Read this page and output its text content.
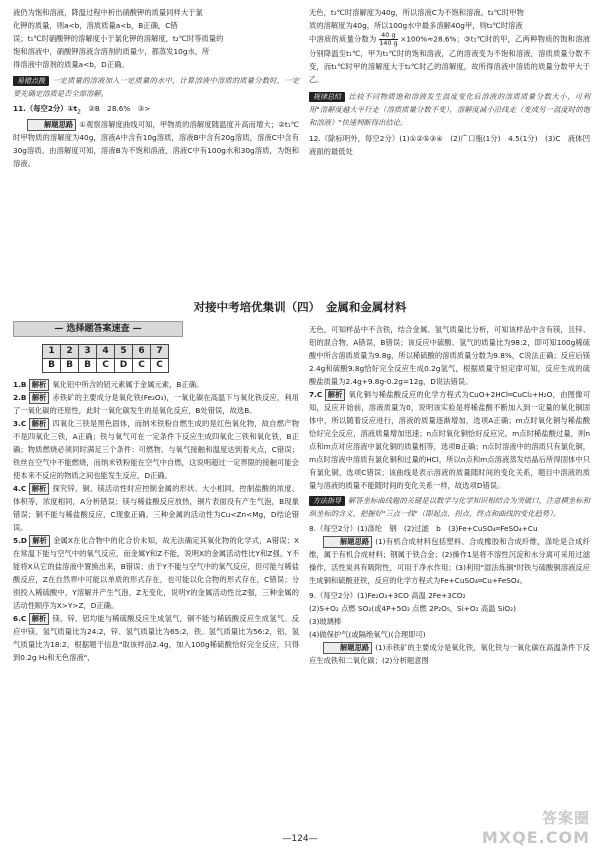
液仍为饱和溶液，降温过程中析出硝酸钾的质量同样大于氯

化钾的质量，则a<b，溶质质量a<b，B正确，C错

误；t₁℃时硝酸钾的溶解度小于氯化钾的溶解度，t₂℃时等质量的

饱和溶液中，硝酸钾溶液含溶剂的质量少，都蒸发10g水，所

得溶液中溶剂的质量a<b，D正确。

易错点拨 一定质量的溶液加入一定质量的水中，计算溶液中溶质的质量分数时，一定要先确定溶质是否全部溶解。

11.（每空2分）$①t_2$　 ②B　28.6%　③>

解题思路 ①观察溶解度曲线可知，甲物质的溶解度随温度升高而增大；②t₁℃时甲物质的溶解度为40g，溶液A中含有10g溶质，溶液B中含有20g溶质，溶液C中含有30g溶质。由溶解度可知，溶液B为不饱和溶液，溶液C中有100g水和30g溶质，为饱和溶液。

无色，t₁℃时溶解度为40g，所以溶液C为不饱和溶液。t₂℃时甲物

质的溶解度为40g，所以100g水中最多溶解40g甲，则t₂℃时溶液

中溶质的质量分数为 $\frac{40 g}{140 g} \times 100\%\approx 28.6\%$；③t₁℃时的甲，乙两种物质的饱和溶液分别降温至t₁℃，甲为t₁℃时的饱和溶液，乙的溶液变为不饱和溶液，溶质质量分数不变，而t₁℃时甲的溶解度大于t₂℃时乙的溶解度，故所得溶液中溶质的质量分数甲大于乙。

规律总结 比较不同物质饱和溶液发生温度变化后溶液的溶质质量分数大小，可利用"溶解度越大平行走（溶质质量分数不变），溶解度减小沿线走（变成另一温度时的饱和溶液）"快速判断得出结论。

12.（除标明外，每空2分）(1)①②⑤③④　(2)广口瓶(1分)　4.5(1分)　(3)C　液体凹液面的最低处

对接中考培优集训（四）　金属和金属材料
— 选择题答案速查 —
1	2	3	4	5	6	7
B	B	B	C	D	C	C

1.B 解析 氧化铝中所含的铝元素属于金属元素，B正确。

2.B 解析 赤铁矿的主要成分是氧化铁(Fe₂O₃)，一氧化碳在高温下与氧化铁反应，利用了一氧化碳的还原性，此时一氧化碳发生的是氧化反应，B处错误，故选B。

3.C 解析 四氧化三铁是黑色固体，而纳米铁粉自燃生成的是红色氧化物，故自燃产物不是四氧化三铁，A正确；铁与氧气可在一定条件下反应生成四氧化三铁和氧化铁，B正确；物质燃烧必须同时满足三个条件：可燃物、与氧气接触和温度达到着火点，C错误；铁丝在空气中不能燃烧，而纳米铁粉能在空气中自燃，这说明超过一定界限的接触可能会使本来不反应的物质之间也能发生反应，D正确。

4.C 解析 探究锌、铜、镁活动性时应控制金属的形状、大小相同，控制盐酸的浓度、体积等，浓度相同，A分析错误；镁与稀盐酸反应放热，铜片表面没有产生气泡，B现象错误；铜不能与稀盐酸反应，C现象正确。三种金属的活动性为Cu<Zn<Mg，D结论错误。

5.D 解析 金属X在化合物中的化合价未知，故无法确定其氧化物的化学式，A错误；X在常温下能与空气中的氧气反应，而金属Y和Z不能，说明X的金属活动性比Y和Z强，Y不能将X从它的盐溶液中置换出来，B错误；由于Y不能与空气中的氧气反应，但可能与稀盐酸反应，Z在自然界中可能以单质的形式存在，也可能以化合物的形式存在，C错误；分别投入稀硫酸中，Y溶解并产生气泡，Z无变化，说明Y的金属活动性比Z强，三种金属的活动性顺序为X>Y>Z，D正确。

6.C 解析 镁、锌、铝均能与稀硫酸反应生成氢气，铜不能与稀硫酸反应生成氢气。反应中镁、氢气质量比为24:2，锌、氢气质量比为65:2，铁、氢气质量比为56:2，铝、氢气质量比为18:2，根据题干信息"取该样品2.4g，加入100g稀硫酸恰好完全反应，只得到0.2g H₂和无色溶液"，

无色，可知样品中不含铁，结合金属、氢气质量比分析，可知该样品中含有镁，且锌、铝的混合物，A错误，B错误；该反应中硫酸、氢气的质量比为98:2，即可知100g稀硫酸中所含溶质质量为9.8g，所以稀硫酸的溶质质量分数为9.8%，C说法正确；反应后镁2.4g和硫酸9.8g恰好完全反应生成0.2g氢气，根据质量守恒定律可知，反应生成的硫酸盐质量为2.4g+9.8g-0.2g=12g，D说法错误。

7.C 解析 氧化铜与稀盐酸反应的化学方程式为CuO+2HCl═CuCl₂+H₂O，由图像可知，反应开始前，溶液质量为0，说明该实验是将稀盐酸不断加入到一定量的氧化铜固体中，所以随着反应进行，溶液的质量逐渐增加，选项A正确；m点时氧化铜与稀盐酸恰好完全反应，溶液质量增加迅速；n点时氧化铜恰好反应完，m点时稀盐酸过量，则n点和m点对应溶液中氯化铜的质量相等，选项B正确；n点时溶液中的溶质只有氯化铜，m点时溶液中溶质有氯化铜和过量的HCl，所以n点和m点溶液蒸发结晶后所得固体中只有氯化铜，选项C错误；该曲线是表示溶液的质量随时间的变化关系，题目中溶液的质量与溶液的质量不能随时间的变化关系一样，故选项D错误。

方法指导 解答坐标曲线题的关键是以数学与化学知识相结合为突破口，注意横坐标和纵坐标的含义，把握好"三点一线"（即起点、拐点、终点和曲线的变化趋势）。

8.（每空2分）(1)涤纶　钢　(2)过滤　b　(3)Fe+CuSO₄═FeSO₄+Cu

解题思路 (1)有机合成材料包括塑料、合成橡胶和合成纤维，涤纶是合成纤维，属于有机合成材料；钢属于铁合金；(2)操作1是将不溶性沉淀和水分离可采用过滤操作，活性炭具有吸附性，可用于净水作用；(3)利用"湿法炼铜"时铁与硫酸铜溶液反应生成铜和硫酸亚铁，反应的化学方程式为Fe+CuSO₄═Cu+FeSO₄。

9.（每空2分）(1)Fe₂O₃+3CO 高温 2Fe+3CO₂

(2)S+O₂ 点燃 SO₂(或4P+5O₂ 点燃 2P₂O₅，Si+O₂ 高温 SiO₂)

(3)玻璃棒

(4)做保护气(或隔绝氧气)(合理即可)

解题思路 (1)赤铁矿的主要成分是氧化铁，氧化铁与一氧化碳在高温条件下反应生成铁和二氧化碳；(2)分析题意图

—124—
答案圈
MXQE.COM
